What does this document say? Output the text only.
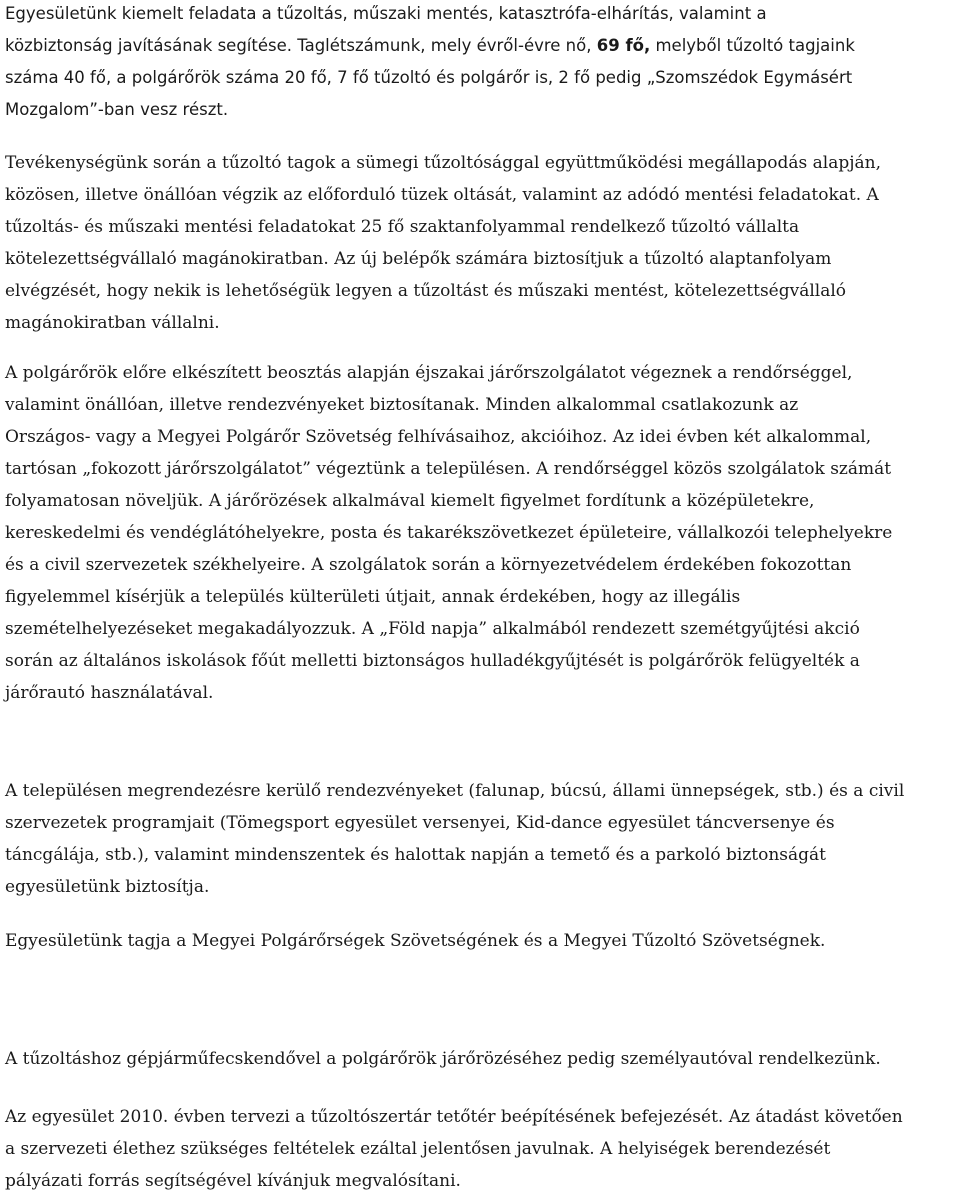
Egyesületünk kiemelt feladata a tűzoltás, műszaki mentés, katasztrófa-elhárítás, valamint a
közbiztonság javításának segítése. Taglétszámunk, mely évről-évre nő, 69 fő, melyből tűzoltó tagjaink
száma 40 fő, a polgárőrök száma 20 fő, 7 fő tűzoltó és polgárőr is, 2 fő pedig „Szomszédok Egymásért
Mozgalom”-ban vesz részt.

Tevékenységünk során a tűzoltó tagok a sümegi tűzoltósággal együttműködési megállapodás alapján,
közösen, illetve önállóan végzik az előforduló tüzek oltását, valamint az adódó mentési feladatokat. A
tűzoltás- és műszaki mentési feladatokat 25 fő szaktanfolyammal rendelkező tűzoltó vállalta
kötelezettségvállaló magánokiratban. Az új belépők számára biztosítjuk a tűzoltó alaptanfolyam
elvégzését, hogy nekik is lehetőségük legyen a tűzoltást és műszaki mentést, kötelezettségvállaló
magánokiratban vállalni.

A polgárőrök előre elkészített beosztás alapján éjszakai járőrszolgálatot végeznek a rendőrséggel,
valamint önállóan, illetve rendezvényeket biztosítanak. Minden alkalommal csatlakozunk az
Országos- vagy a Megyei Polgárőr Szövetség felhívásaihoz, akcióihoz. Az idei évben két alkalommal,
tartósan „fokozott járőrszolgálatot” végeztünk a településen. A rendőrséggel közös szolgálatok számát
folyamatosan növeljük. A járőrözések alkalmával kiemelt figyelmet fordítunk a középületekre,
kereskedelmi és vendéglátóhelyekre, posta és takarékszövetkezet épületeire, vállalkozói telephelyekre
és a civil szervezetek székhelyeire. A szolgálatok során a környezetvédelem érdekében fokozottan
figyelemmel kísérjük a település külterületi útjait, annak érdekében, hogy az illegális
szemételhelyezéseket megakadályozzuk. A „Föld napja” alkalmából rendezett szemétgyűjtési akció
során az általános iskolások főút melletti biztonságos hulladékgyűjtését is polgárőrök felügyelték a
járőrautó használatával.

A településen megrendezésre kerülő rendezvényeket (falunap, búcsú, állami ünnepségek, stb.) és a civil
szervezetek programjait (Tömegsport egyesület versenyei, Kid-dance egyesület táncversenye és
táncgálája, stb.), valamint mindenszentek és halottak napján a temető és a parkoló biztonságát
egyesületünk biztosítja.

Egyesületünk tagja a Megyei Polgárőrségek Szövetségének és a Megyei Tűzoltó Szövetségnek.

A tűzoltáshoz gépjárműfecskendővel a polgárőrök járőrözéséhez pedig személyautóval rendelkezünk.

Az egyesület 2010. évben tervezi a tűzoltószertár tetőtér beépítésének befejezését. Az átadást követően
a szervezeti élethez szükséges feltételek ezáltal jelentősen javulnak. A helyiségek berendezését
pályázati forrás segítségével kívánjuk megvalósítani.
